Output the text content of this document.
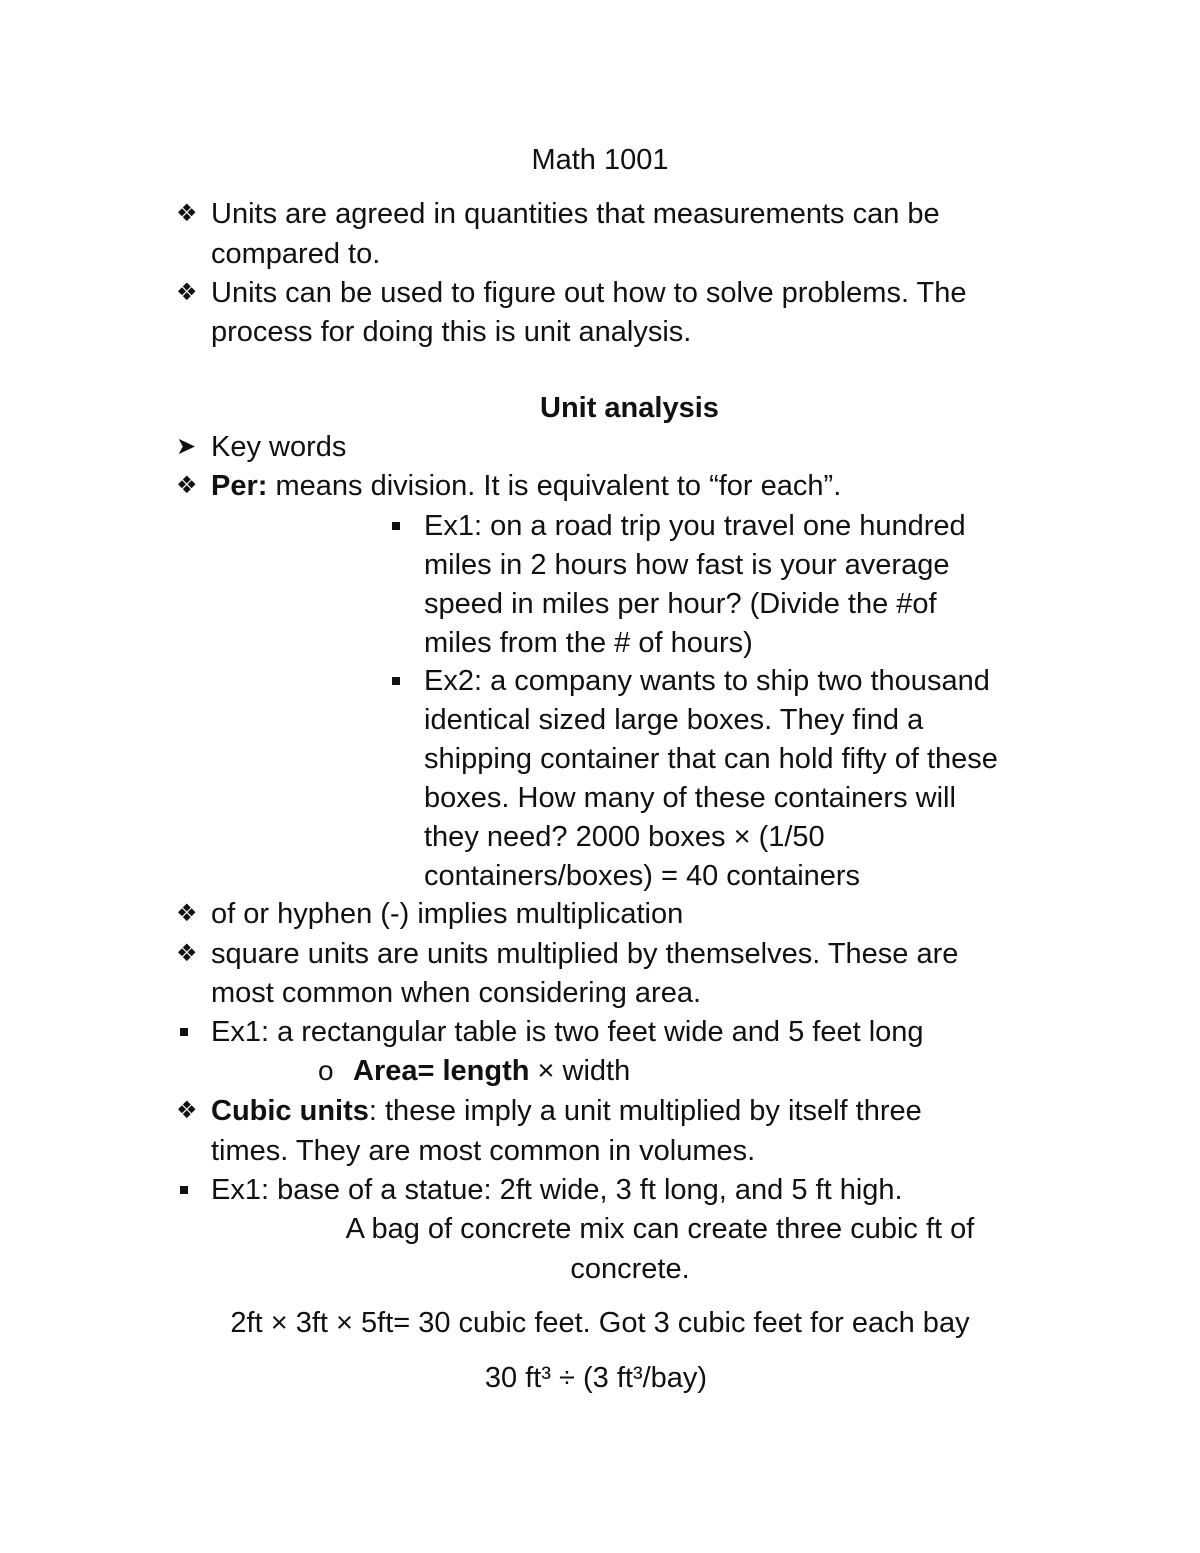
Math 1001
❖ Units are agreed in quantities that measurements can be
compared to.
❖ Units can be used to figure out how to solve problems. The
process for doing this is unit analysis.
Unit analysis
➤ Key words
❖ Per: means division. It is equivalent to “for each”.
Ex1: on a road trip you travel one hundred
miles in 2 hours how fast is your average
speed in miles per hour? (Divide the #of
miles from the # of hours)
Ex2: a company wants to ship two thousand
identical sized large boxes. They find a
shipping container that can hold fifty of these
boxes. How many of these containers will
they need? 2000 boxes × (1/50
containers/boxes) = 40 containers
❖ of or hyphen (-) implies multiplication
❖ square units are units multiplied by themselves. These are
most common when considering area.
Ex1: a rectangular table is two feet wide and 5 feet long
o Area= length × width
❖ Cubic units: these imply a unit multiplied by itself three
times. They are most common in volumes.
Ex1: base of a statue: 2ft wide, 3 ft long, and 5 ft high.
A bag of concrete mix can create three cubic ft of
concrete.
2ft × 3ft × 5ft= 30 cubic feet. Got 3 cubic feet for each bay
30 ft³ ÷ (3 ft³/bay)
